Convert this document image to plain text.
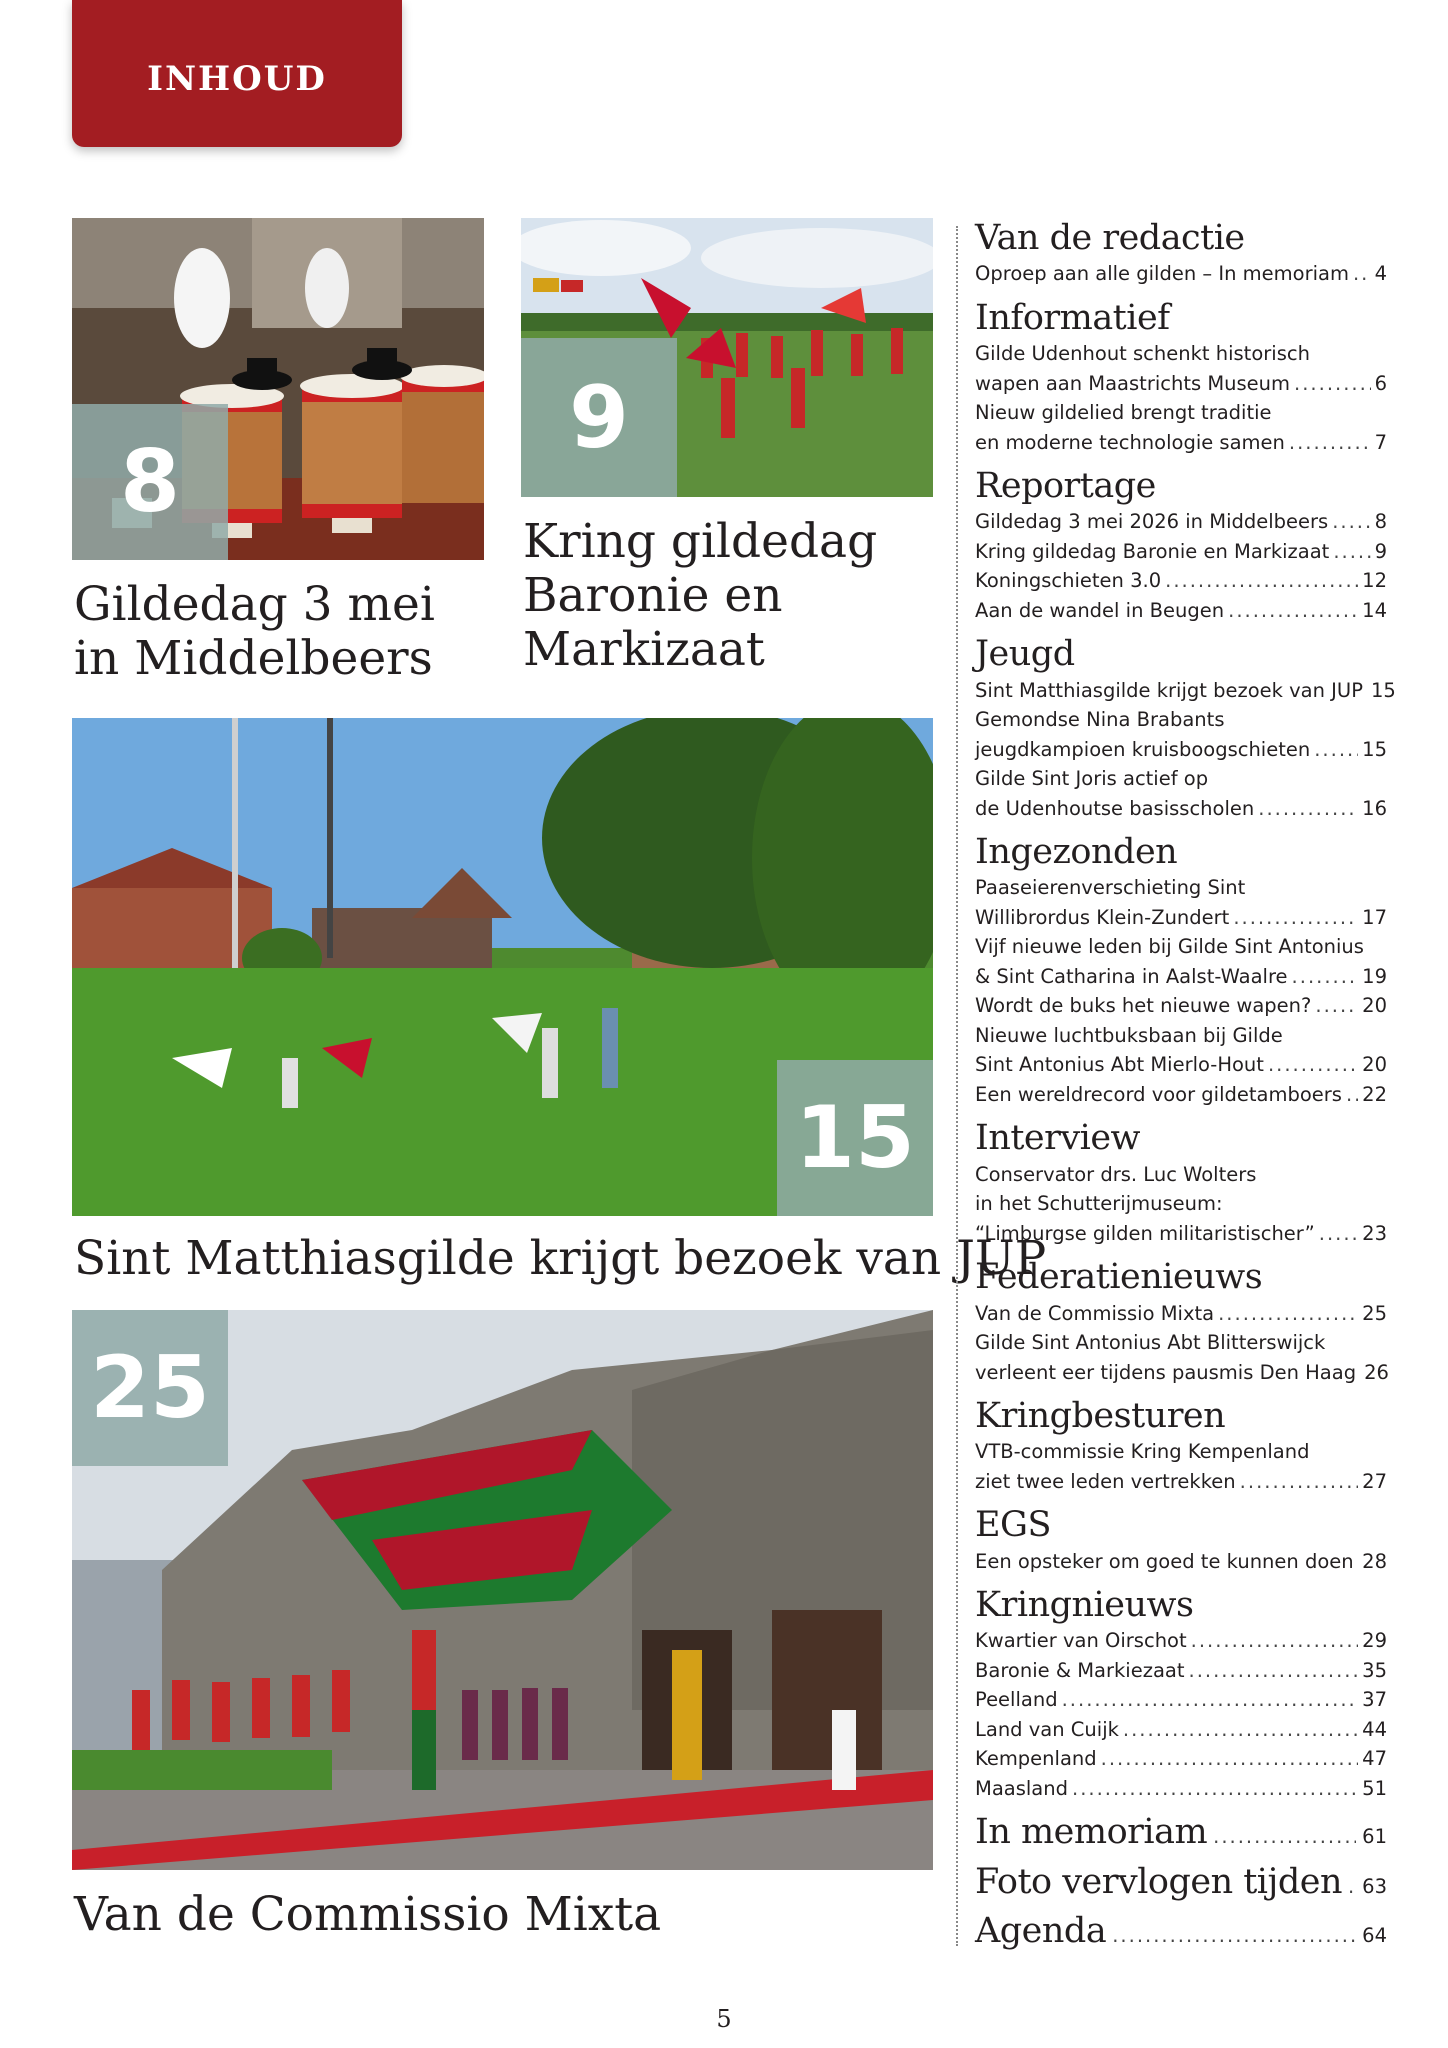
INHOUD
8
Gildedag 3 mei
in Middelbeers
9
Kring gildedag
Baronie en
Markizaat
15
Sint Matthiasgilde krijgt bezoek van JUP
25
Van de Commissio Mixta
Van de redactie
Oproep aan alle gilden – In memoriam ..... 4
Informatief
Gilde Udenhout schenkt historisch
wapen aan Maastrichts Museum .....	6
Nieuw gildelied brengt traditie
en moderne technologie samen .....	7
Reportage
Gildedag 3 mei 2026 in Middelbeers ..... 8
Kring gildedag Baronie en Markizaat ..... 9
Koningschieten 3.0 .....	12
Aan de wandel in Beugen .....	14
Jeugd
Sint Matthiasgilde krijgt bezoek van JUP 15
Gemondse Nina Brabants
jeugdkampioen kruisboogschieten .....	15
Gilde Sint Joris actief op
de Udenhoutse basisscholen .....	16
Ingezonden
Paaseierenverschieting Sint
Willibrordus Klein-Zundert .....	17
Vijf nieuwe leden bij Gilde Sint Antonius
& Sint Catharina in Aalst-Waalre .....	19
Wordt de buks het nieuwe wapen? .....	20
Nieuwe luchtbuksbaan bij Gilde
Sint Antonius Abt Mierlo-Hout .....	20
Een wereldrecord voor gildetamboers ..... 22
Interview
Conservator drs. Luc Wolters
in het Schutterijmuseum:
“Limburgse gilden militaristischer” ..... 23
Federatienieuws
Van de Commissio Mixta .....	25
Gilde Sint Antonius Abt Blitterswijck
verleent eer tijdens pausmis Den Haag 26
Kringbesturen
VTB-commissie Kring Kempenland
ziet twee leden vertrekken .....	27
EGS
Een opsteker om goed te kunnen doen ..... 28
Kringnieuws
Kwartier van Oirschot .....	29
Baronie & Markiezaat .....	35
Peelland .....	37
Land van Cuijk .....	44
Kempenland .....	47
Maasland .....	51
In memoriam .....	61
Foto vervlogen tijden ..... 63
Agenda .....	64
5
